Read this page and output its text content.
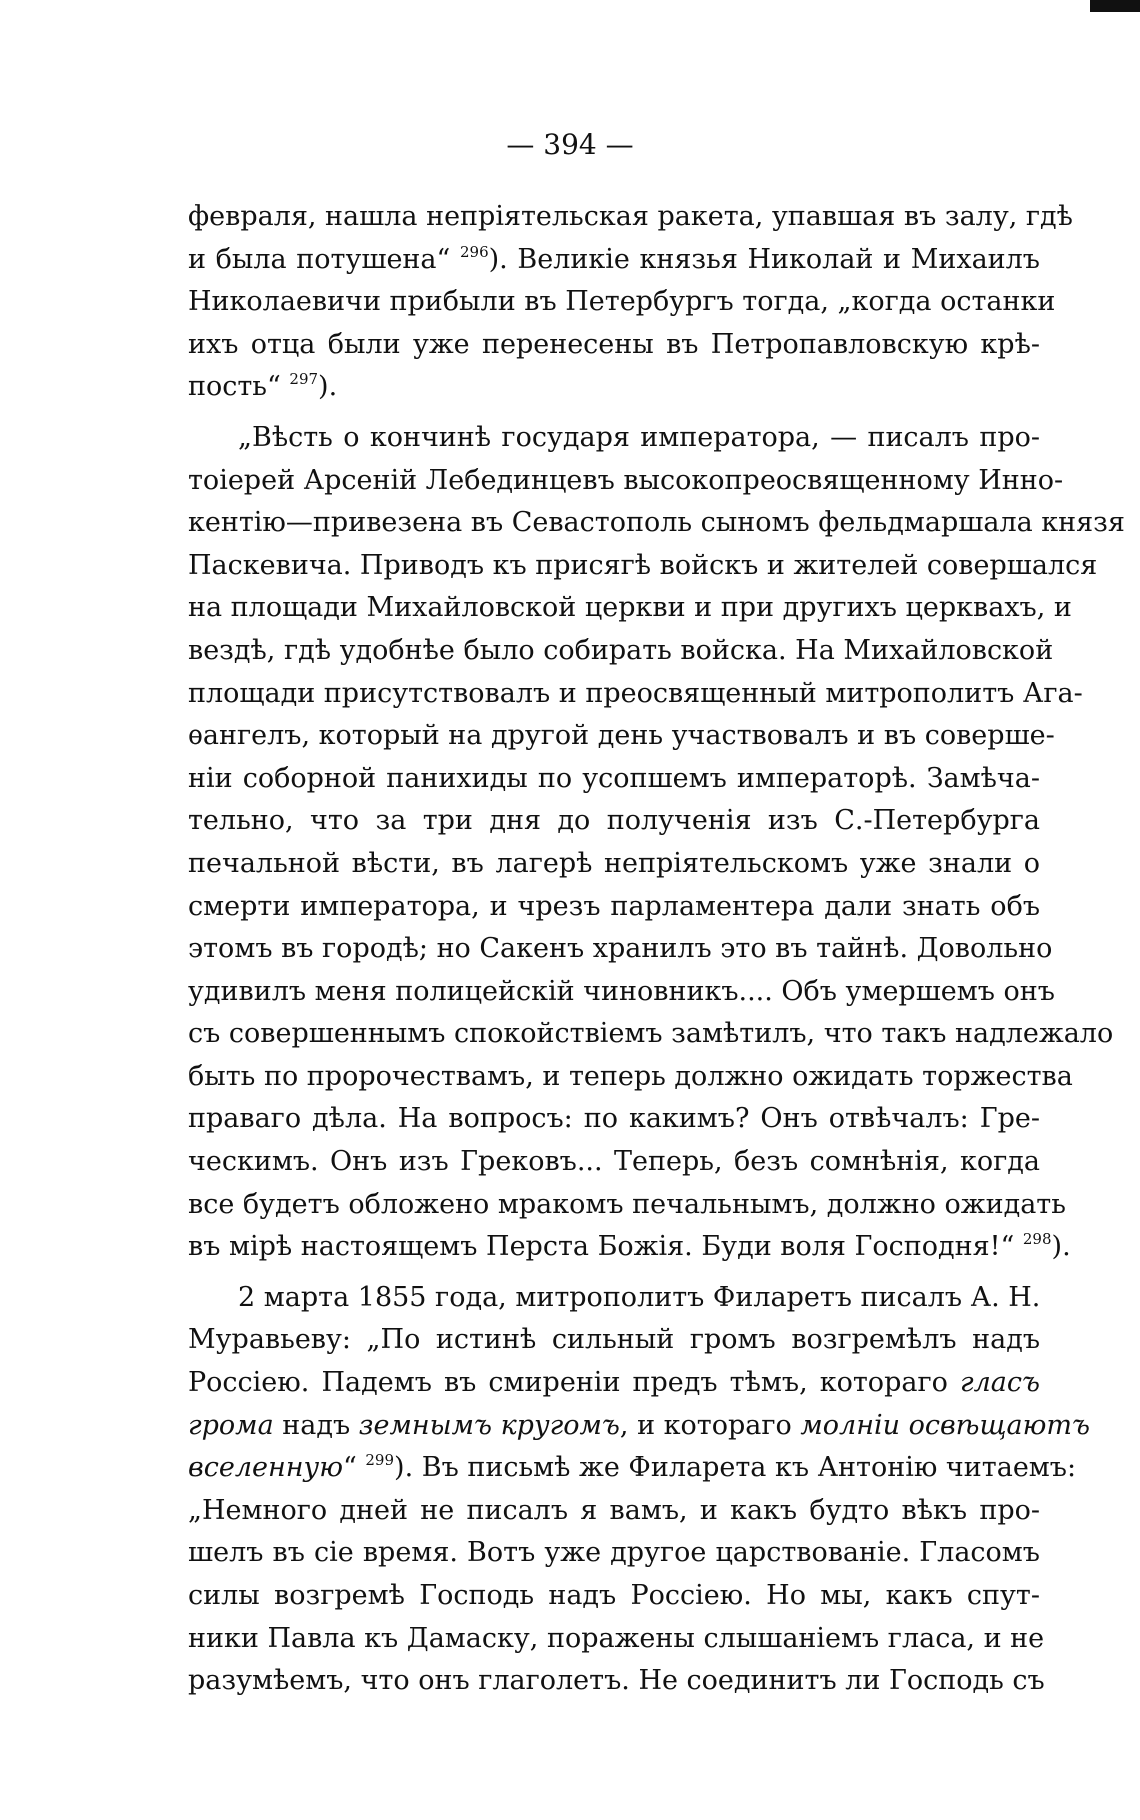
— 394 —
февраля, нашла непріятельская ракета, упавшая въ залу, гдѣ
и была потушена“ $^{296}$). Великіе князья Николай и Михаилъ
Николаевичи прибыли въ Петербургъ тогда, „когда останки
ихъ отца были уже перенесены въ Петропавловскую крѣ-
пость“ $^{297}$).
„Вѣсть о кончинѣ государя императора, — писалъ про-
тоіерей Арсеній Лебединцевъ высокопреосвященному Инно-
кентію—привезена въ Севастополь сыномъ фельдмаршала князя
Паскевича. Приводъ къ присягѣ войскъ и жителей совершался
на площади Михайловской церкви и при другихъ церквахъ, и
вездѣ, гдѣ удобнѣе было собирать войска. На Михайловской
площади присутствовалъ и преосвященный митрополитъ Ага-
ѳангелъ, который на другой день участвовалъ и въ соверше-
ніи соборной панихиды по усопшемъ императорѣ. Замѣча-
тельно, что за три дня до полученія изъ С.-Петербурга
печальной вѣсти, въ лагерѣ непріятельскомъ уже знали о
смерти императора, и чрезъ парламентера дали знать объ
этомъ въ городѣ; но Сакенъ хранилъ это въ тайнѣ. Довольно
удивилъ меня полицейскій чиновникъ.... Объ умершемъ онъ
съ совершеннымъ спокойствіемъ замѣтилъ, что такъ надлежало
быть по пророчествамъ, и теперь должно ожидать торжества
праваго дѣла. На вопросъ: по какимъ? Онъ отвѣчалъ: Гре-
ческимъ. Онъ изъ Грековъ... Теперь, безъ сомнѣнія, когда
все будетъ обложено мракомъ печальнымъ, должно ожидать
въ мірѣ настоящемъ Перста Божія. Буди воля Господня!“ $^{298}$).
2 марта 1855 года, митрополитъ Филаретъ писалъ А. Н.
Муравьеву: „По истинѣ сильный громъ возгремѣлъ надъ
Россіею. Падемъ въ смиреніи предъ тѣмъ, котораго гласъ
грома надъ земнымъ кругомъ, и котораго молніи освѣщаютъ
вселенную“ $^{299}$). Въ письмѣ же Филарета къ Антонію читаемъ:
„Немного дней не писалъ я вамъ, и какъ будто вѣкъ про-
шелъ въ сіе время. Вотъ уже другое царствованіе. Гласомъ
силы возгремѣ Господь надъ Россіею. Но мы, какъ спут-
ники Павла къ Дамаску, поражены слышаніемъ гласа, и не
разумѣемъ, что онъ глаголетъ. Не соединитъ ли Господь съ
